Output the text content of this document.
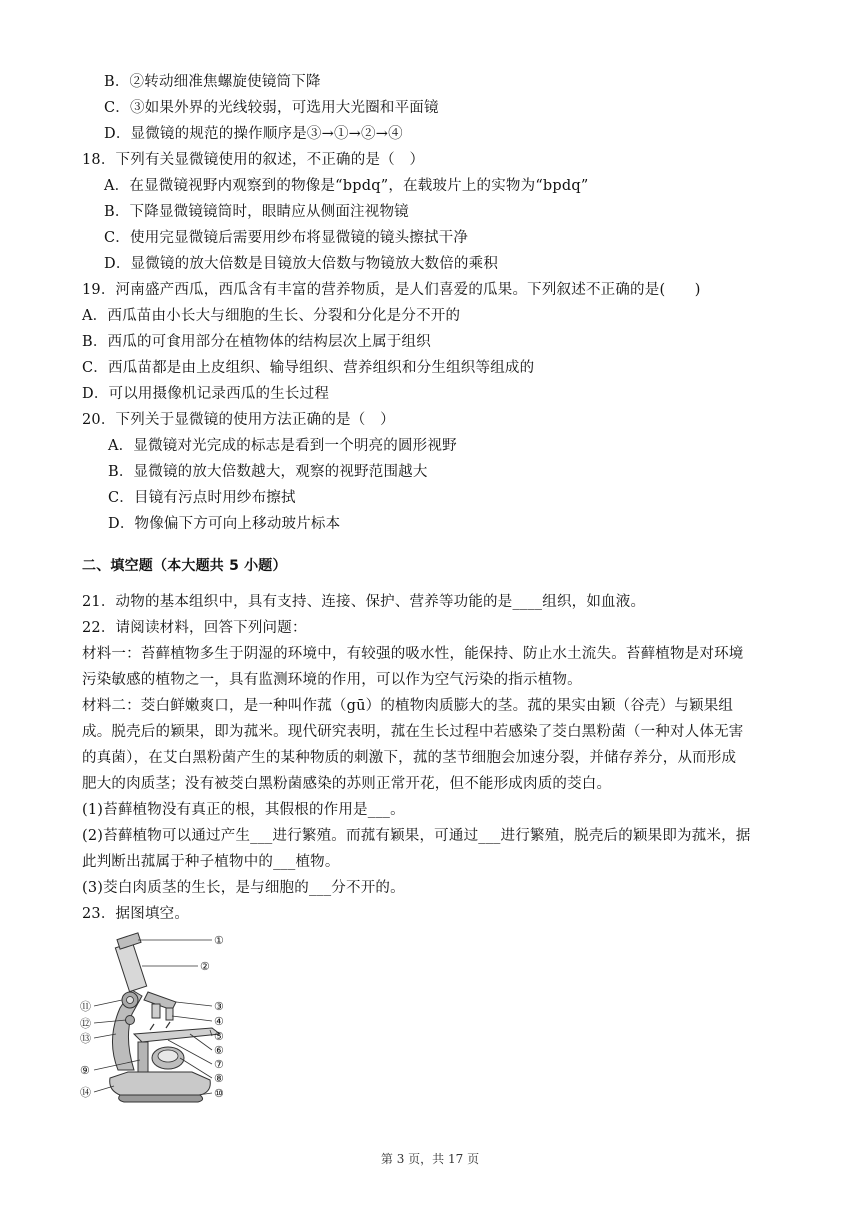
B．②转动细准焦螺旋使镜筒下降
C．③如果外界的光线较弱，可选用大光圈和平面镜
D．显微镜的规范的操作顺序是③→①→②→④
18．下列有关显微镜使用的叙述，不正确的是（　）
A．在显微镜视野内观察到的物像是“bpdq”，在载玻片上的实物为“bpdq”
B．下降显微镜镜筒时，眼睛应从侧面注视物镜
C．使用完显微镜后需要用纱布将显微镜的镜头擦拭干净
D．显微镜的放大倍数是目镜放大倍数与物镜放大数倍的乘积
19．河南盛产西瓜，西瓜含有丰富的营养物质，是人们喜爱的瓜果。下列叙述不正确的是(　　)
A．西瓜苗由小长大与细胞的生长、分裂和分化是分不开的
B．西瓜的可食用部分在植物体的结构层次上属于组织
C．西瓜苗都是由上皮组织、输导组织、营养组织和分生组织等组成的
D．可以用摄像机记录西瓜的生长过程
20．下列关于显微镜的使用方法正确的是（　）
A．显微镜对光完成的标志是看到一个明亮的圆形视野
B．显微镜的放大倍数越大，观察的视野范围越大
C．目镜有污点时用纱布擦拭
D．物像偏下方可向上移动玻片标本
二、填空题（本大题共 5 小题）
21．动物的基本组织中，具有支持、连接、保护、营养等功能的是____组织，如血液。
22．请阅读材料，回答下列问题：
材料一：苔藓植物多生于阴湿的环境中，有较强的吸水性，能保持、防止水土流失。苔藓植物是对环境
污染敏感的植物之一，具有监测环境的作用，可以作为空气污染的指示植物。
材料二：茭白鲜嫩爽口，是一种叫作菰（gū）的植物肉质膨大的茎。菰的果实由颖（谷壳）与颖果组
成。脱壳后的颖果，即为菰米。现代研究表明，菰在生长过程中若感染了茭白黑粉菌（一种对人体无害
的真菌），在艾白黑粉菌产生的某种物质的刺激下，菰的茎节细胞会加速分裂，并储存养分，从而形成
肥大的肉质茎；没有被茭白黑粉菌感染的苏则正常开花，但不能形成肉质的茭白。
(1)苔藓植物没有真正的根，其假根的作用是___。
(2)苔藓植物可以通过产生___进行繁殖。而菰有颖果，可通过___进行繁殖，脱壳后的颖果即为菰米，据
此判断出菰属于种子植物中的___植物。
(3)茭白肉质茎的生长，是与细胞的___分不开的。
23．据图填空。
①
②
③
④
⑤
⑥
⑦
⑧
⑩
⑪
⑫
⑬
⑨
⑭
第 3 页，共 17 页
